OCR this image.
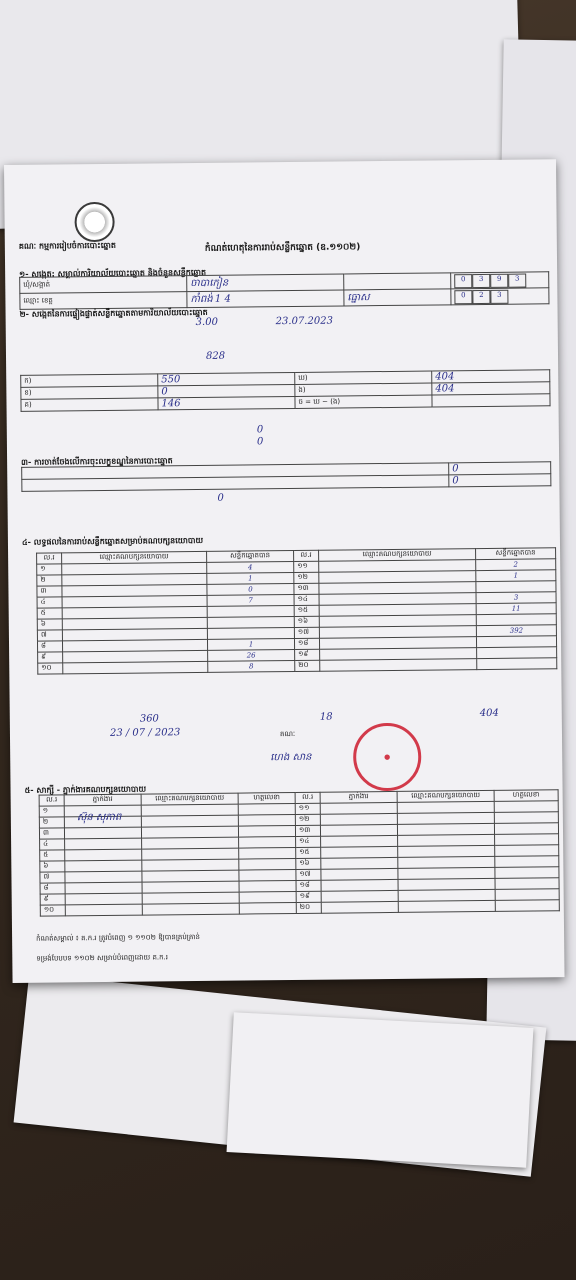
គណៈ កម្មការរៀបចំការបោះឆ្នោត	កំណត់ហេតុនៃការរាប់សន្លឹកឆ្នោត (ឧ.១១០២)
១- សង្កេត: សម្គាល់ការិយាល័យបោះឆ្នោត និងចំនួនសន្លឹកឆ្នោត
ឃុំ/សង្កាត់	ចាបាកៀន		0 3 9 3
ឈ្មោះ ខេត្ត	កាំពង់ 1 4	ធ្នោស	0 2 3
២- សង្កេតនៃការផ្ទៀងផ្ទាត់សន្លឹកឆ្នោតតាមការិយាល័យបោះឆ្នោត
3.00	23.07.2023
828
ក)	550	ឃ)	404
ខ)	0	ង)	404
គ)	146	ច = ឃ − (ង)	
0
0
៣- ការចាត់ចែងលើការចុះលក្ខខណ្ឌនៃការបោះឆ្នោត
	0
	0
0
៤- លទ្ធផលនៃការរាប់សន្លឹកឆ្នោតសម្រាប់គណបក្សនយោបាយ
ល.រ	ឈ្មោះគណបក្សនយោបាយ	សន្លឹកឆ្នោតបាន	ល.រ	ឈ្មោះគណបក្សនយោបាយ	សន្លឹកឆ្នោតបាន
១		4	១១		2
២		1	១២		1
៣		0	១៣		
៤		7	១៤		3
៥			១៥		11
៦			១៦		
៧			១៧		392
៨		1	១៨		
៩		26	១៩		
១០		8	២០		
360	18	404
23 / 07 / 2023	គណៈ
ហេង សាន	●
៥- សាក្សី - ភ្នាក់ងារគណបក្សនយោបាយ
ល.រ	ភ្នាក់ងារ	ឈ្មោះគណបក្សនយោបាយ	ហត្ថលេខា	ល.រ	ភ្នាក់ងារ	ឈ្មោះគណបក្សនយោបាយ	ហត្ថលេខា
១				១១			
២				១២			
៣				១៣			
៤				១៤			
៥				១៥			
៦				១៦			
៧				១៧			
៨				១៨			
៩				១៩			
១០				២០			
ស៊ុន សុភាព
កំណត់សម្គាល់ ៖ គ.ក.រ ត្រូវបំពេញ ១ ១១០២ ឱ្យបានគ្រប់គ្រាន់
ទម្រង់បែបបទ ១១០២ សម្រាប់បំពេញដោយ គ.ក.រ
